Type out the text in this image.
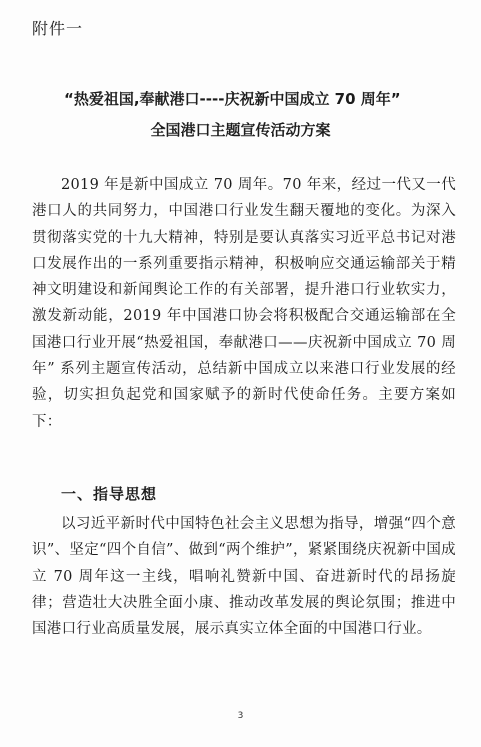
附件一
“热爱祖国,奉献港口----庆祝新中国成立 70 周年”
全国港口主题宣传活动方案
2019 年是新中国成立 70 周年。70 年来，经过一代又一代港口人的共同努力，中国港口行业发生翻天覆地的变化。为深入贯彻落实党的十九大精神，特别是要认真落实习近平总书记对港口发展作出的一系列重要指示精神，积极响应交通运输部关于精神文明建设和新闻舆论工作的有关部署，提升港口行业软实力，激发新动能，2019 年中国港口协会将积极配合交通运输部在全国港口行业开展“热爱祖国，奉献港口——庆祝新中国成立 70 周年” 系列主题宣传活动，总结新中国成立以来港口行业发展的经验，切实担负起党和国家赋予的新时代使命任务。主要方案如下：
一、指导思想
以习近平新时代中国特色社会主义思想为指导，增强“四个意识”、坚定“四个自信”、做到“两个维护”，紧紧围绕庆祝新中国成立 70 周年这一主线，唱响礼赞新中国、奋进新时代的昂扬旋律；营造壮大决胜全面小康、推动改革发展的舆论氛围；推进中国港口行业高质量发展，展示真实立体全面的中国港口行业。
3
